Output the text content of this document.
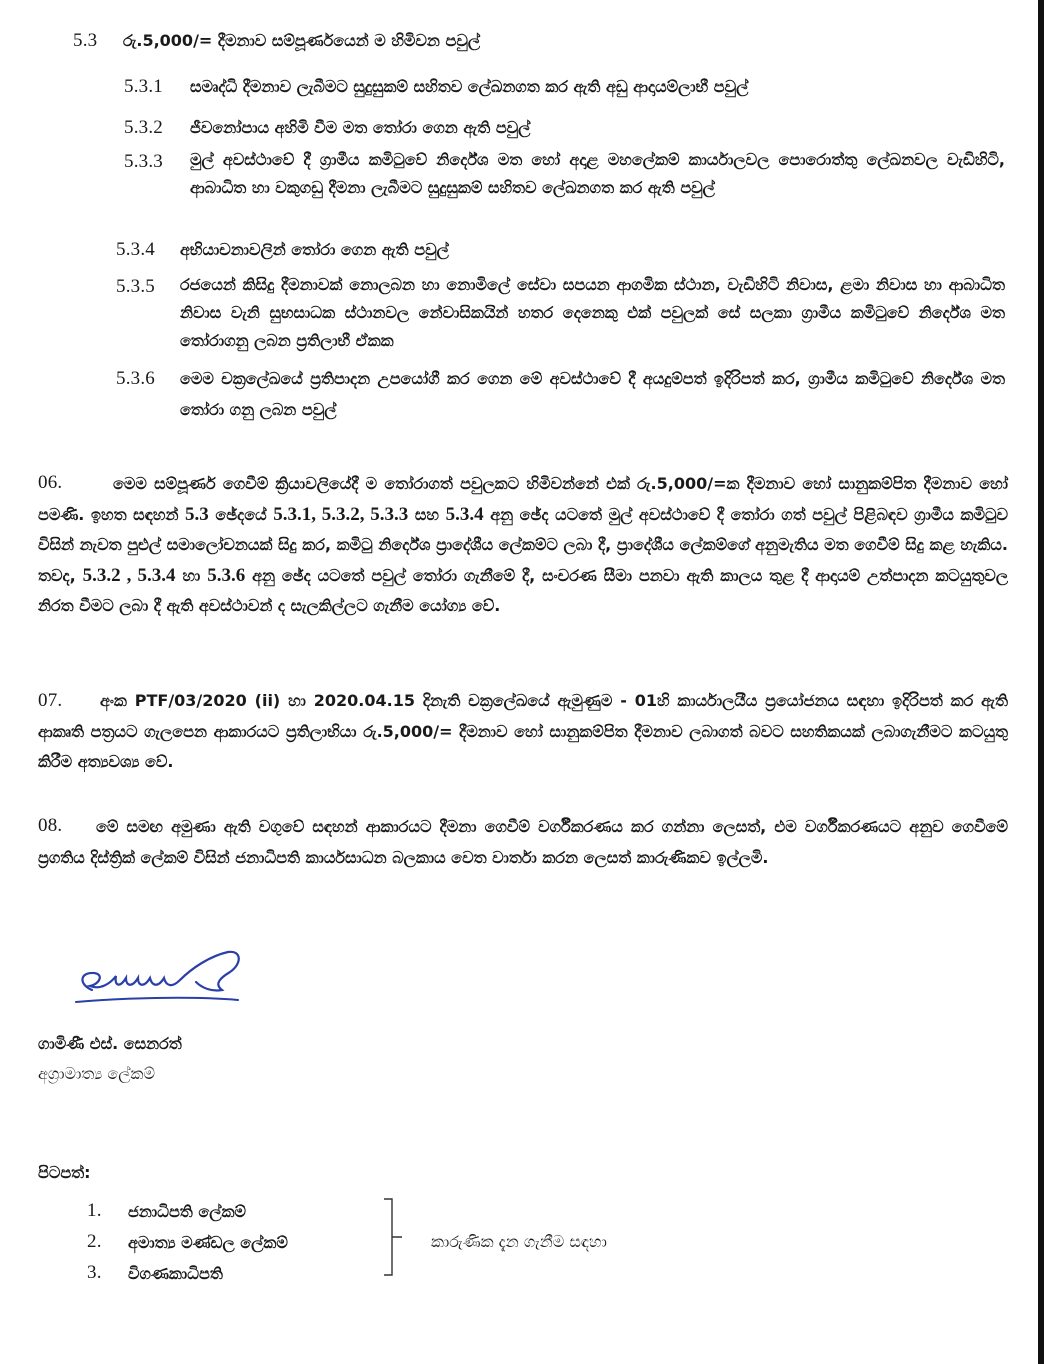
5.3 රු.5,000/= දීමනාව සම්පූර්ණයෙන් ම හිමිවන පවුල්
5.3.1 සමෘද්ධි දීමනාව ලැබීමට සුදුසුකම් සහිතව ලේඛනගත කර ඇති අඩු ආදායම්ලාභී පවුල්
5.3.2 ජීවනෝපාය අහිමි වීම මත තෝරා ගෙන ඇති පවුල්
5.3.3 මුල් අවස්ථාවේ දී ග්‍රාමීය කමිටුවේ නිර්දේශ මත හෝ අදාළ මහලේකම් කාර්යාලවල පොරොත්තු ලේඛනවල වැඩිහිටි, ආබාධිත හා වකුගඩු දීමනා ලැබීමට සුදුසුකම් සහිතව ලේඛනගත කර ඇති පවුල්
5.3.4 අභියාචනාවලින් තෝරා ගෙන ඇති පවුල්
5.3.5 රජයෙන් කිසිදු දීමනාවක් නොලබන හා නොමිලේ සේවා සපයන ආගමික ස්ථාන, වැඩිහිටි නිවාස, ළමා නිවාස හා ආබාධිත නිවාස වැනි සුභසාධක ස්ථානවල නේවාසිකයින් හතර දෙනෙකු එක් පවුලක් සේ සලකා ග්‍රාමීය කමිටුවේ නිර්දේශ මත තෝරාගනු ලබන ප්‍රතිලාභී ඒකක
5.3.6 මෙම චක්‍රලේඛයේ ප්‍රතිපාදන උපයෝගී කර ගෙන මේ අවස්ථාවේ දී අයදුම්පත් ඉදිරිපත් කර, ග්‍රාමීය කමිටුවේ නිර්දේශ මත තෝරා ගනු ලබන පවුල්
06.	මෙම සම්පූර්ණ ගෙවීම් ක්‍රියාවලියේදී ම තෝරාගත් පවුලකට හිමිවන්නේ එක් රු.5,000/=ක දීමනාව හෝ සානුකම්පිත දීමනාව හෝ පමණි. ඉහත සඳහන් 5.3 ඡේදයේ 5.3.1, 5.3.2, 5.3.3 සහ 5.3.4 අනු ඡේද යටතේ මුල් අවස්ථාවේ දී තෝරා ගත් පවුල් පිළිබඳව ග්‍රාමීය කමිටුව විසින් නැවත පුළුල් සමාලෝචනයක් සිදු කර, කමිටු නිර්දේශ ප්‍රාදේශීය ලේකම්ට ලබා දී, ප්‍රාදේශීය ලේකම්ගේ අනුමැතිය මත ගෙවීම් සිදු කළ හැකිය. තවද, 5.3.2 , 5.3.4 හා 5.3.6 අනු ඡේද යටතේ පවුල් තෝරා ගැනීමේ දී, සංචරණ සීමා පනවා ඇති කාලය තුළ දී ආදායම් උත්පාදන කටයුතුවල නිරත වීමට ලබා දී ඇති අවස්ථාවන් ද සැලකිල්ලට ගැනීම යෝග්‍ය වේ.
07.	අංක PTF/03/2020 (ii) හා 2020.04.15 දිනැති චක්‍රලේඛයේ ඇමුණුම - 01හි කාර්යාලයීය ප්‍රයෝජනය සඳහා ඉදිරිපත් කර ඇති ආකෘති පත්‍රයට ගැලපෙන ආකාරයට ප්‍රතිලාභියා රු.5,000/= දීමනාව හෝ සානුකම්පිත දීමනාව ලබාගත් බවට සහතිකයක් ලබාගැනීමට කටයුතු කිරීම අත්‍යවශ්‍ය වේ.
08.	මේ සමඟ අමුණා ඇති වගුවේ සඳහන් ආකාරයට දීමනා ගෙවීම් වර්ගීකරණය කර ගන්නා ලෙසත්, එම වර්ගීකරණයට අනුව ගෙවීමේ ප්‍රගතිය දිස්ත්‍රික් ලේකම් විසින් ජනාධිපති කාර්යසාධන බලකාය වෙත වාර්තා කරන ලෙසත් කාරුණිකව ඉල්ලමි.
ගාමිණී එස්. සෙනරත්
අග්‍රාමාත්‍ය ලේකම්
පිටපත්:
1. ජනාධිපති ලේකම්
2. අමාත්‍ය මණ්ඩල ලේකම්
3. විගණකාධිපති
කාරුණික දැන ගැනීම සඳහා
